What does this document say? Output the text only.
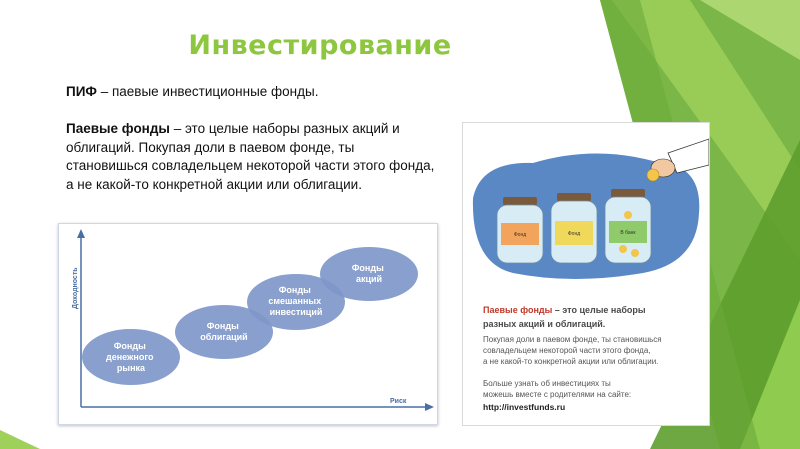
Инвестирование
ПИФ – паевые инвестиционные фонды.
Паевые фонды – это целые наборы разных акций и облигаций. Покупая доли в паевом фонде, ты становишься совладельцем некоторой части этого фонда, а не какой-то конкретной акции или облигации.
Доходность
Риск
Фонды денежного рынка
Фонды облигаций
Фонды смешанных инвестиций
Фонды акций
Фонд	Фонд	В банк
Паевые фонды – это целые наборы
разных акций и облигаций.
Покупая доли в паевом фонде, ты становишься
совладельцем некоторой части этого фонда,
а не какой-то конкретной акции или облигации.
Больше узнать об инвестициях ты
можешь вместе с родителями на сайте:
http://investfunds.ru
